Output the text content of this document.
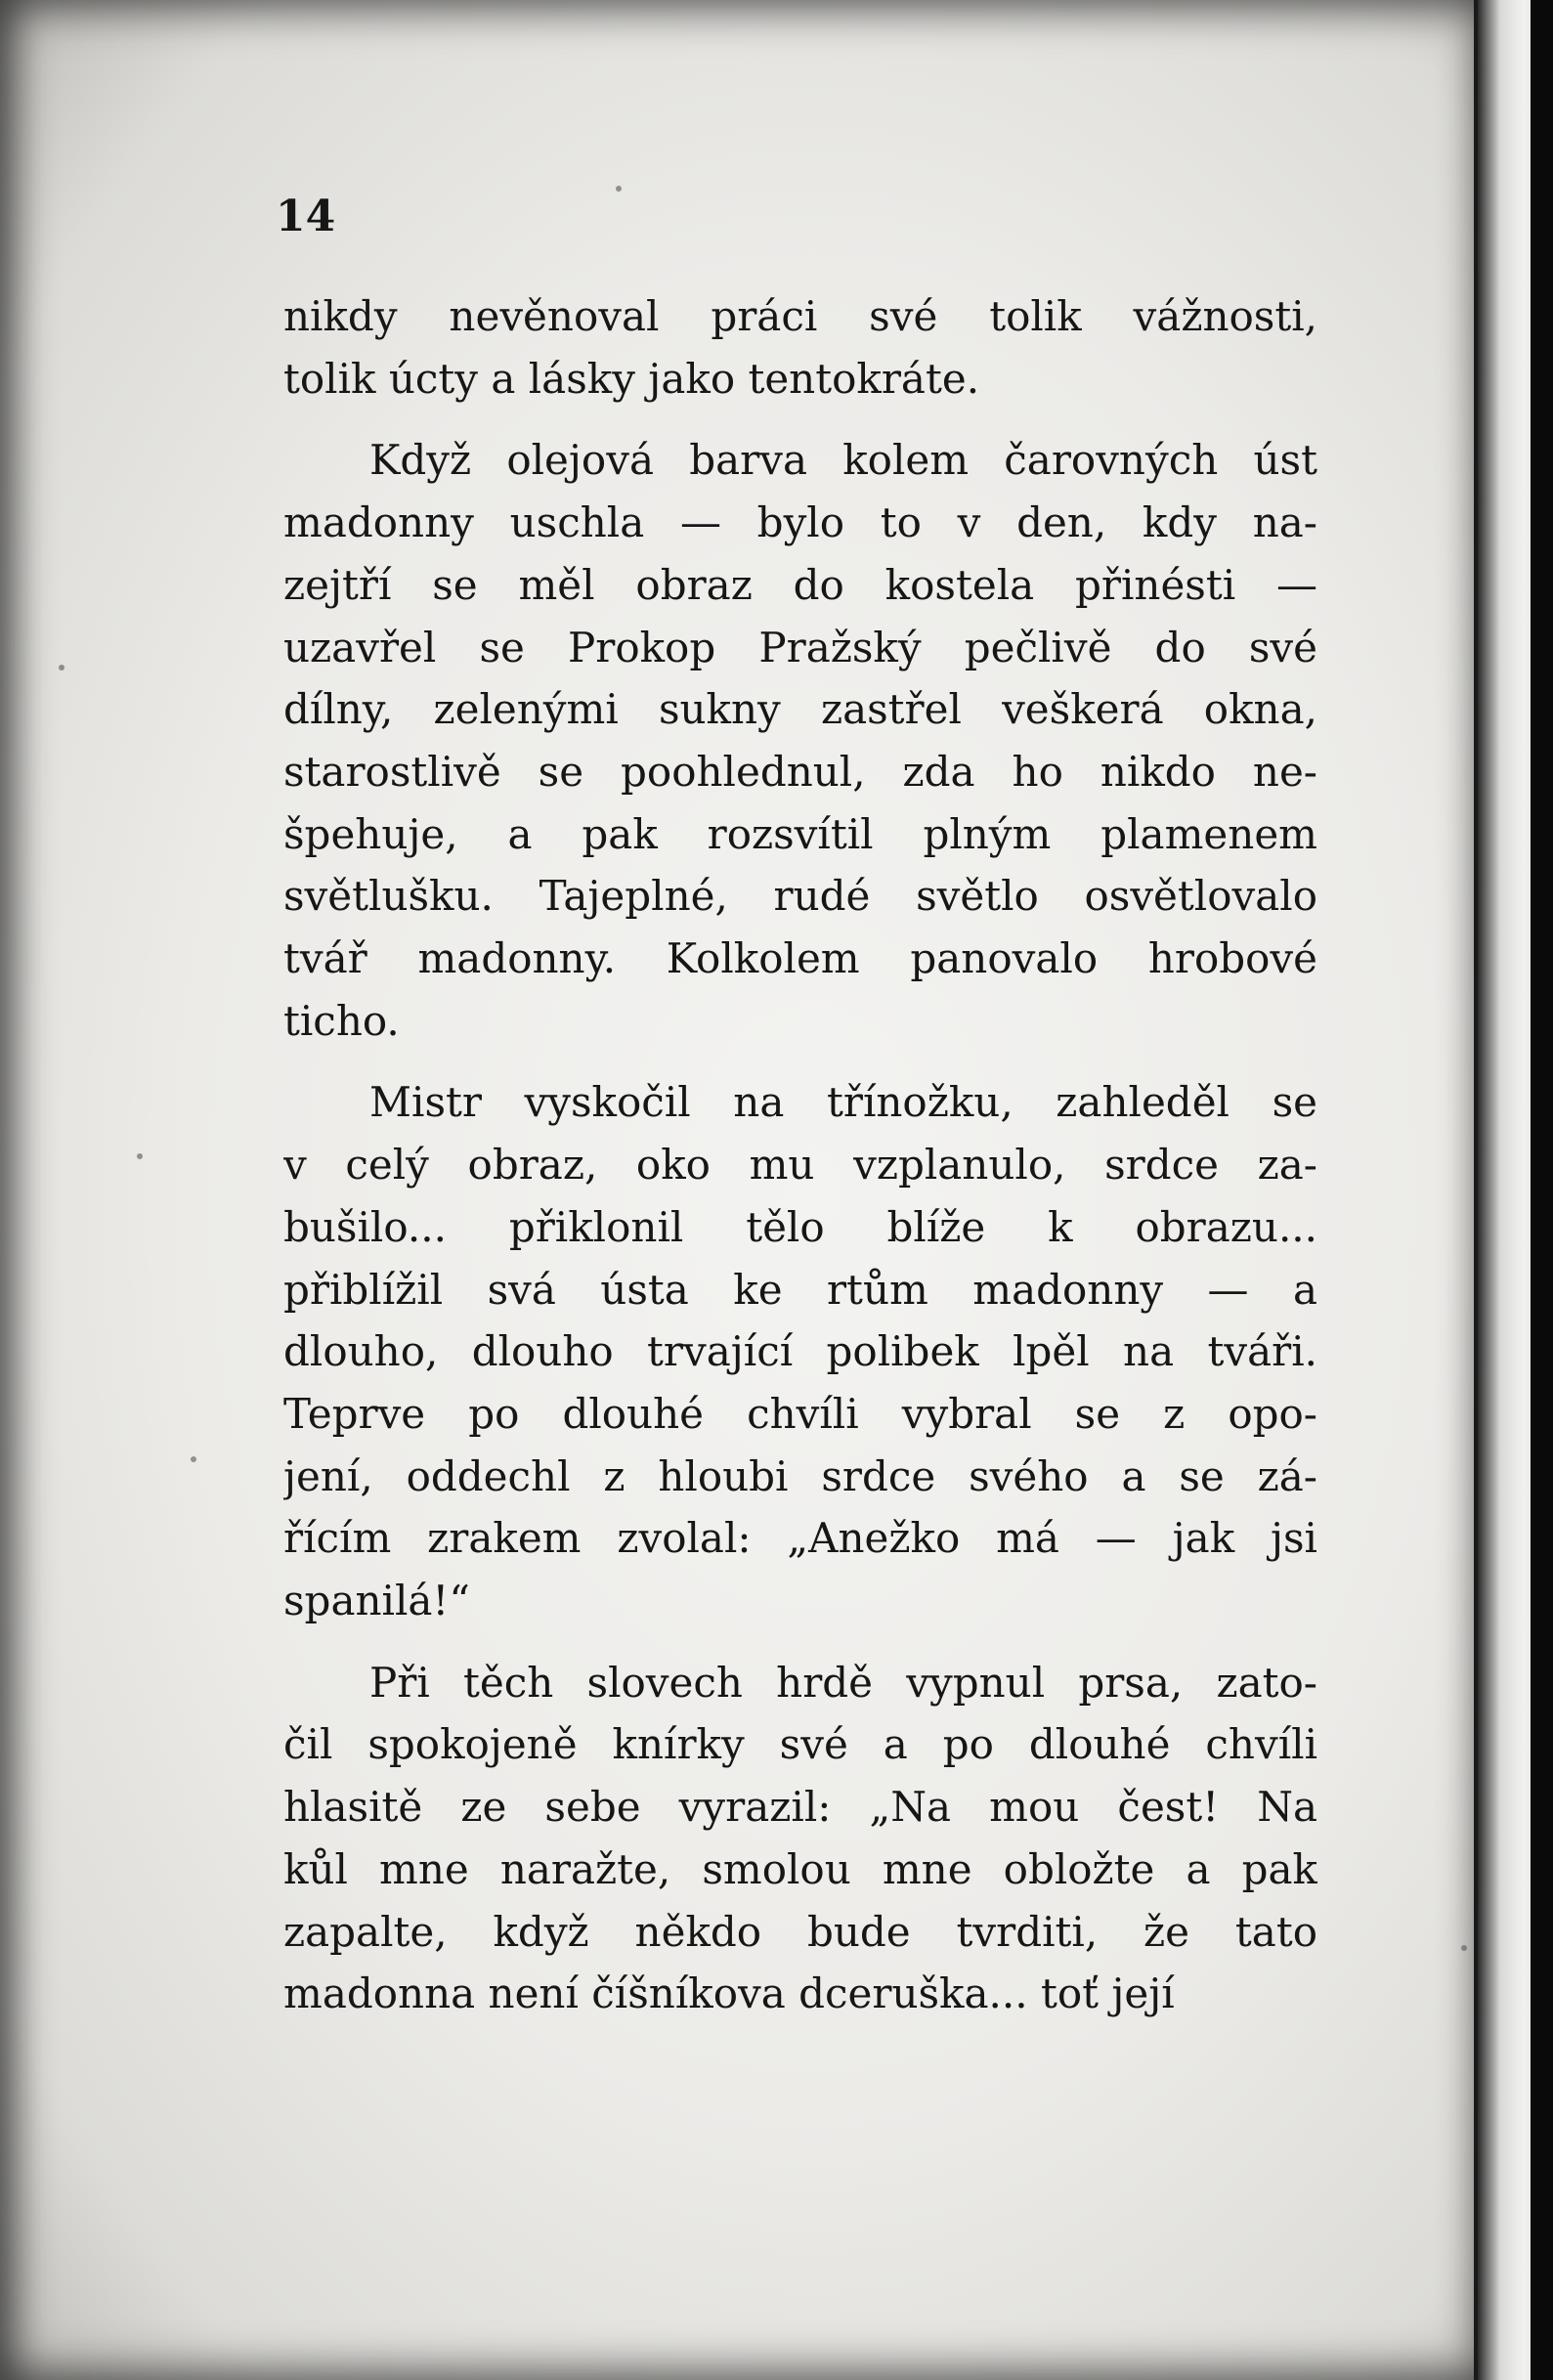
14
nikdy nevěnoval práci své tolik vážnosti,
tolik úcty a lásky jako tentokráte.
Když olejová barva kolem čarovných úst
madonny uschla — bylo to v den, kdy na-
zejtří se měl obraz do kostela přinésti —
uzavřel se Prokop Pražský pečlivě do své
dílny, zelenými sukny zastřel veškerá okna,
starostlivě se poohlednul, zda ho nikdo ne-
špehuje, a pak rozsvítil plným plamenem
světlušku. Tajeplné, rudé světlo osvětlovalo
tvář madonny. Kolkolem panovalo hrobové
ticho.
Mistr vyskočil na třínožku, zahleděl se
v celý obraz, oko mu vzplanulo, srdce za-
bušilo... přiklonil tělo blíže k obrazu...
přiblížil svá ústa ke rtům madonny — a
dlouho, dlouho trvající polibek lpěl na tváři.
Teprve po dlouhé chvíli vybral se z opo-
jení, oddechl z hloubi srdce svého a se zá-
řícím zrakem zvolal: „Anežko má — jak jsi
spanilá!“
Při těch slovech hrdě vypnul prsa, zato-
čil spokojeně knírky své a po dlouhé chvíli
hlasitě ze sebe vyrazil: „Na mou čest! Na
kůl mne naražte, smolou mne obložte a pak
zapalte, když někdo bude tvrditi, že tato
madonna není číšníkova dceruška... toť její
